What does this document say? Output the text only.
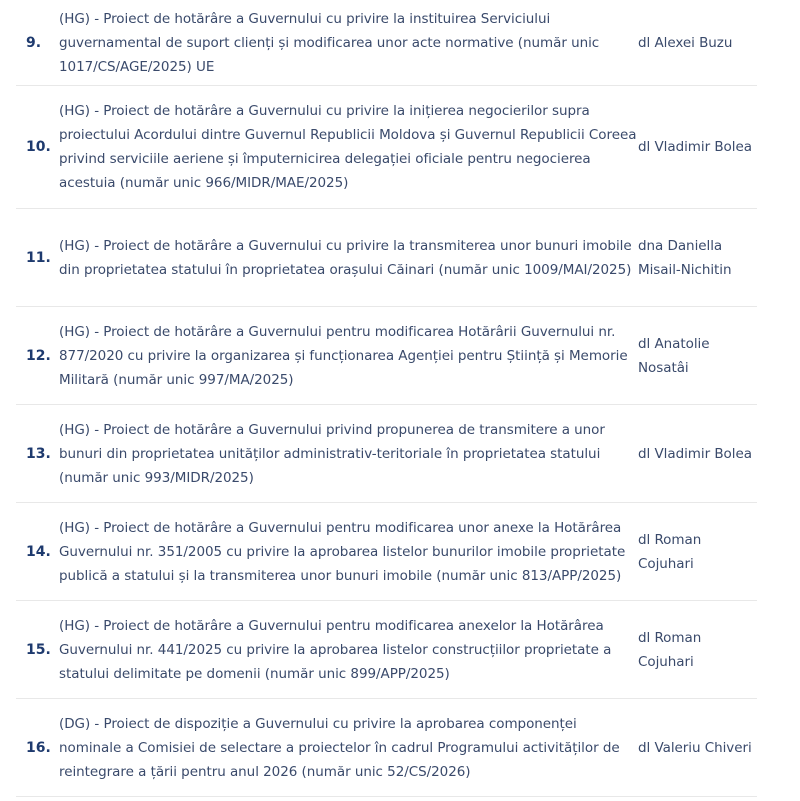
9.
(HG) - Proiect de hotărâre a Guvernului cu privire la instituirea Serviciului guvernamental de suport clienți și modificarea unor acte normative (număr unic 1017/CS/AGE/2025) UE
dl Alexei Buzu
10.
(HG) - Proiect de hotărâre a Guvernului cu privire la inițierea negocierilor supra proiectului Acordului dintre Guvernul Republicii Moldova și Guvernul Republicii Coreea privind serviciile aeriene și împuternicirea delegației oficiale pentru negocierea acestuia (număr unic 966/MIDR/MAE/2025)
dl Vladimir Bolea
11.
(HG) - Proiect de hotărâre a Guvernului cu privire la transmiterea unor bunuri imobile din proprietatea statului în proprietatea orașului Căinari (număr unic 1009/MAI/2025)
dna Daniella Misail-Nichitin
12.
(HG) - Proiect de hotărâre a Guvernului pentru modificarea Hotărârii Guvernului nr. 877/2020 cu privire la organizarea și funcționarea Agenției pentru Știință și Memorie Militară (număr unic 997/MA/2025)
dl Anatolie Nosatâi
13.
(HG) - Proiect de hotărâre a Guvernului privind propunerea de transmitere a unor bunuri din proprietatea unităților administrativ-teritoriale în proprietatea statului (număr unic 993/MIDR/2025)
dl Vladimir Bolea
14.
(HG) - Proiect de hotărâre a Guvernului pentru modificarea unor anexe la Hotărârea Guvernului nr. 351/2005 cu privire la aprobarea listelor bunurilor imobile proprietate publică a statului și la transmiterea unor bunuri imobile (număr unic 813/APP/2025)
dl Roman Cojuhari
15.
(HG) - Proiect de hotărâre a Guvernului pentru modificarea anexelor la Hotărârea Guvernului nr. 441/2025 cu privire la aprobarea listelor construcțiilor proprietate a statului delimitate pe domenii (număr unic 899/APP/2025)
dl Roman Cojuhari
16.
(DG) - Proiect de dispoziție a Guvernului cu privire la aprobarea componenței nominale a Comisiei de selectare a proiectelor în cadrul Programului activităților de reintegrare a țării pentru anul 2026 (număr unic 52/CS/2026)
dl Valeriu Chiveri
